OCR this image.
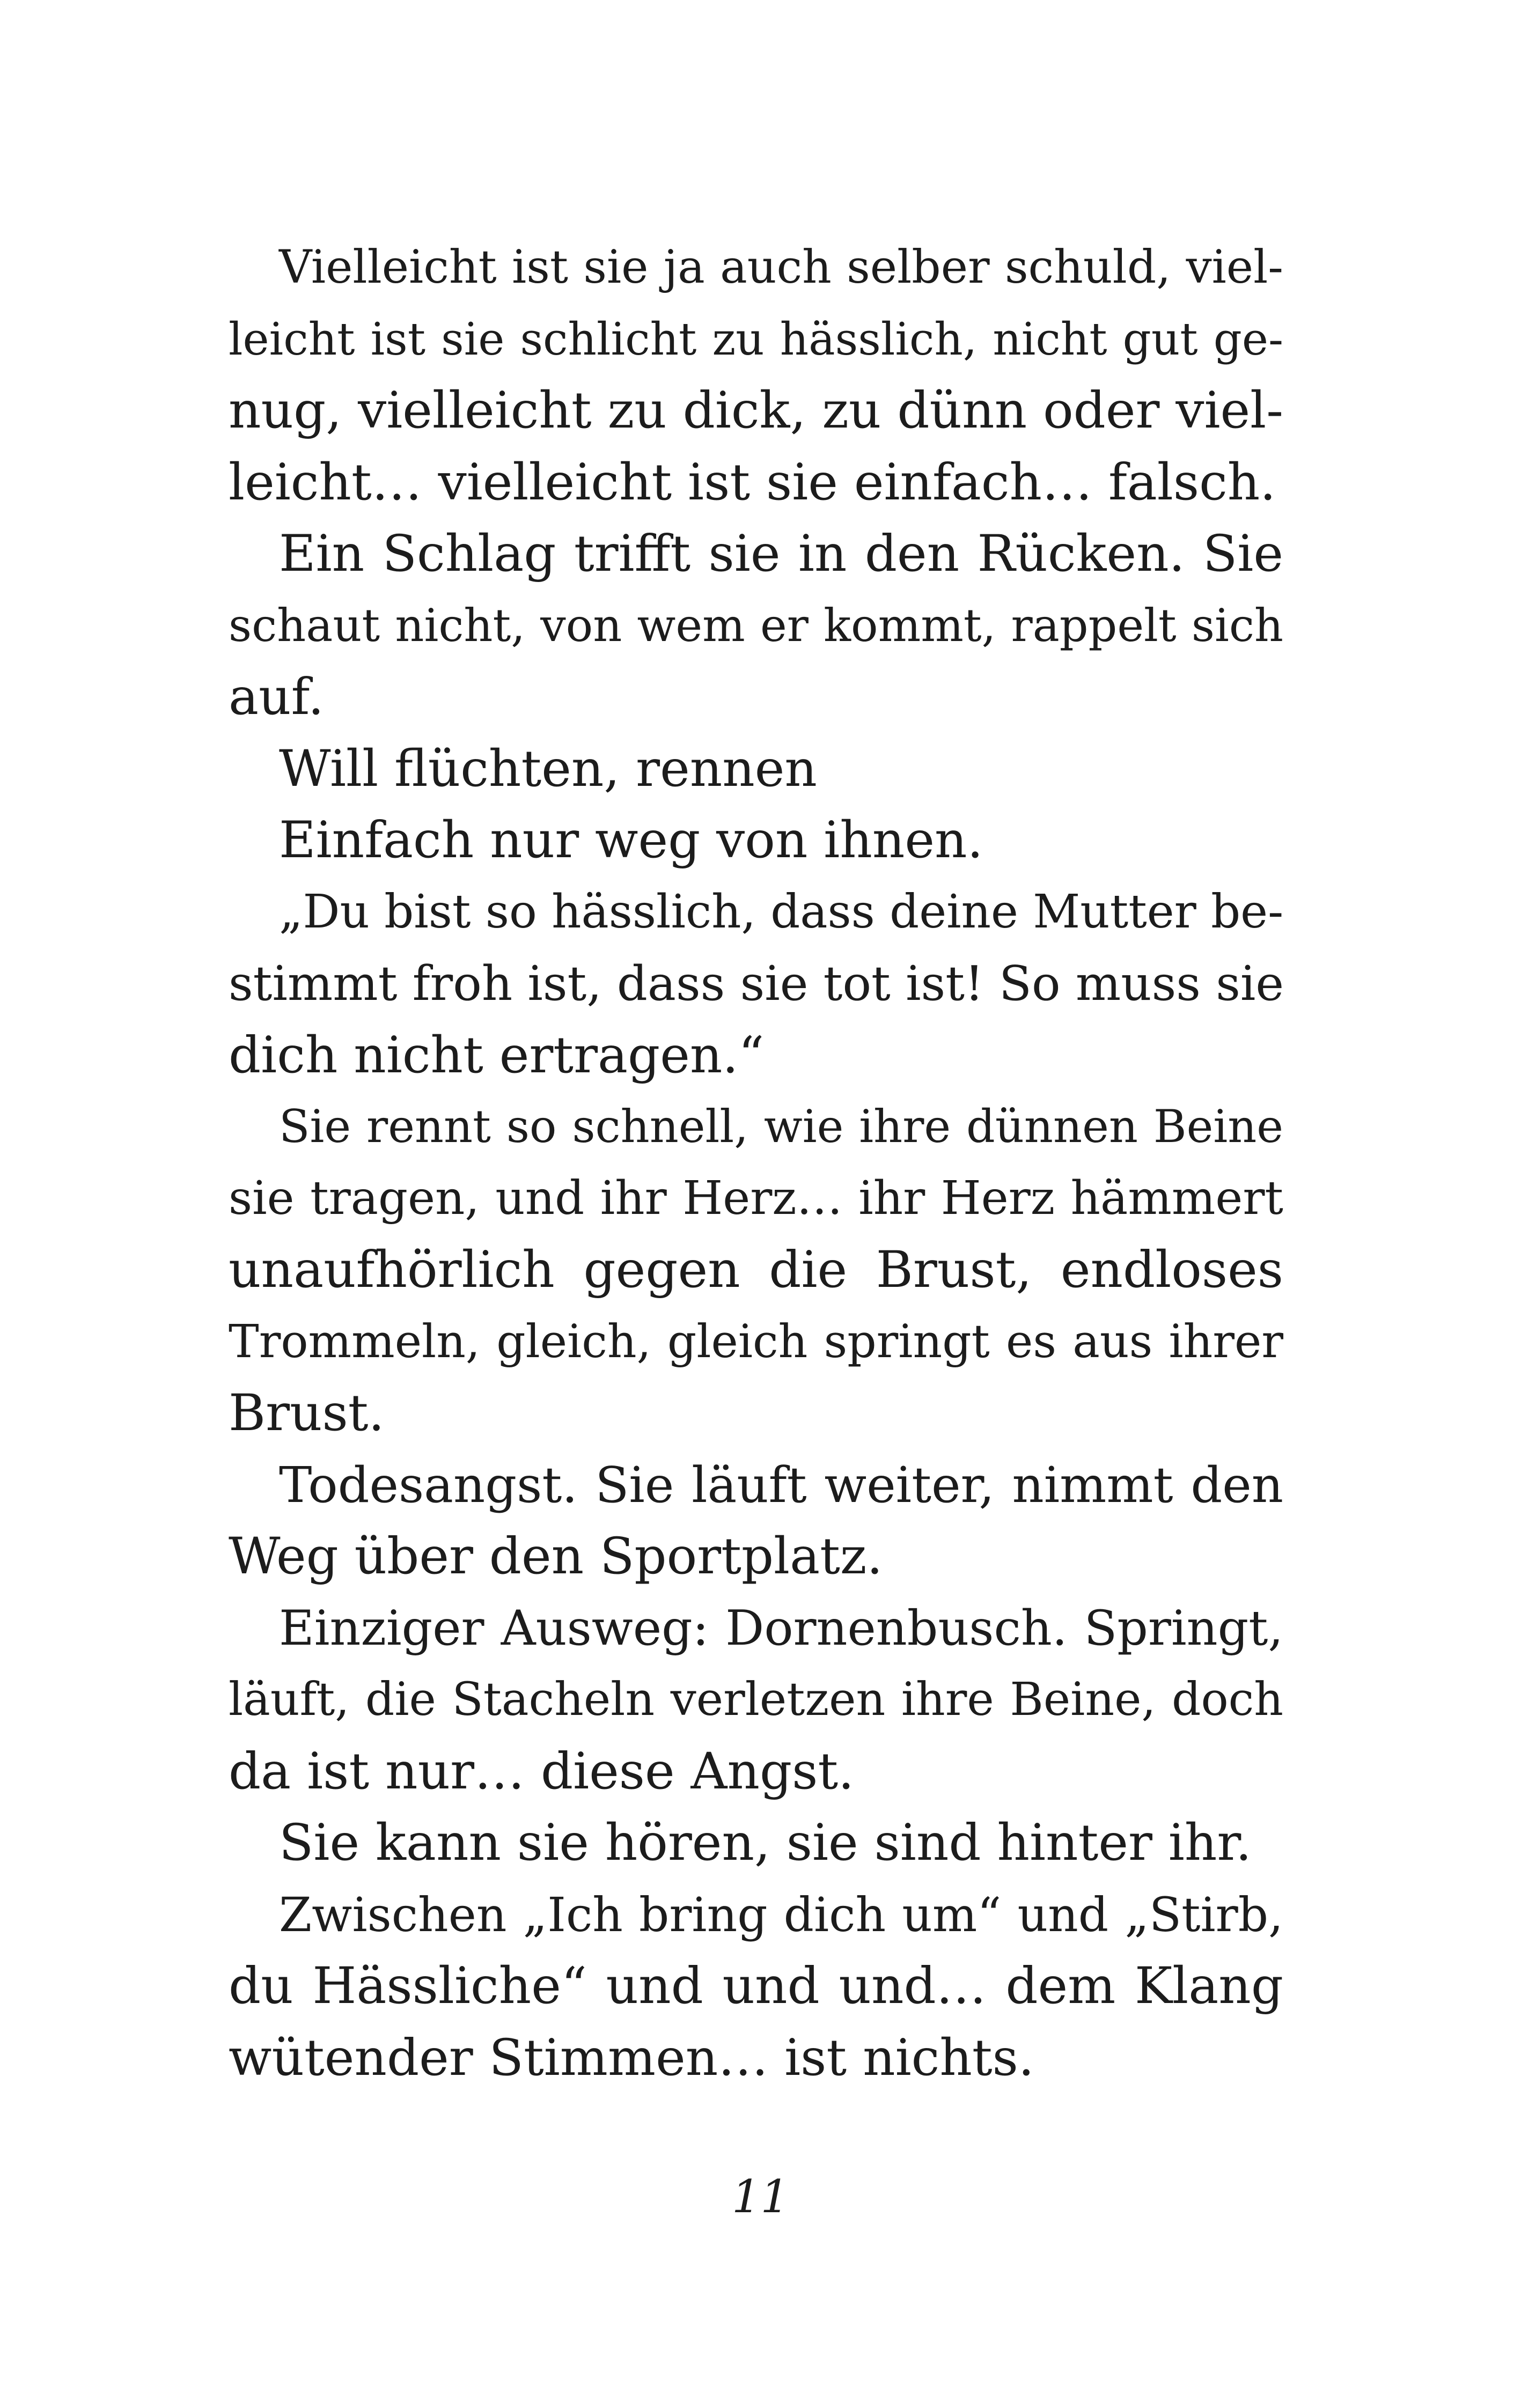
Vielleicht ist sie ja auch selber schuld, viel-
leicht ist sie schlicht zu hässlich, nicht gut ge-
nug, vielleicht zu dick, zu dünn oder viel-
leicht… vielleicht ist sie einfach… falsch.
Ein Schlag trifft sie in den Rücken. Sie
schaut nicht, von wem er kommt, rappelt sich
auf.
Will flüchten, rennen
Einfach nur weg von ihnen.
„Du bist so hässlich, dass deine Mutter be-
stimmt froh ist, dass sie tot ist! So muss sie
dich nicht ertragen.“
Sie rennt so schnell, wie ihre dünnen Beine
sie tragen, und ihr Herz… ihr Herz hämmert
unaufhörlich gegen die Brust, endloses
Trommeln, gleich, gleich springt es aus ihrer
Brust.
Todesangst. Sie läuft weiter, nimmt den
Weg über den Sportplatz.
Einziger Ausweg: Dornenbusch. Springt,
läuft, die Stacheln verletzen ihre Beine, doch
da ist nur… diese Angst.
Sie kann sie hören, sie sind hinter ihr.
Zwischen „Ich bring dich um“ und „Stirb,
du Hässliche“ und und und… dem Klang
wütender Stimmen… ist nichts.
11
